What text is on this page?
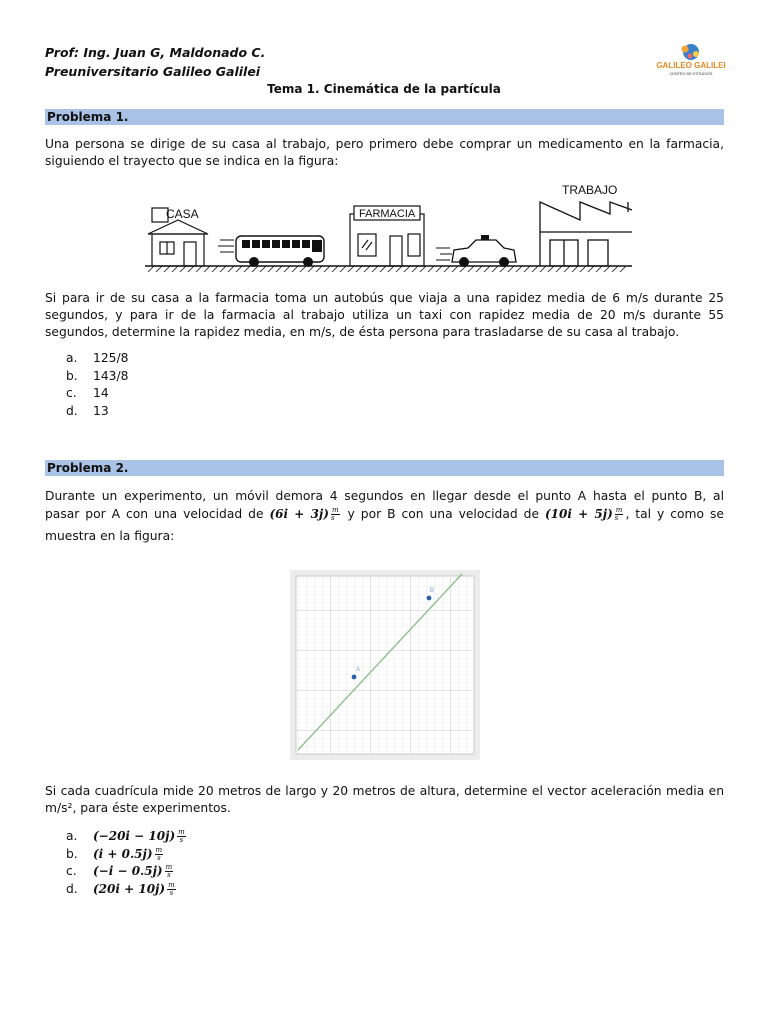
Prof: Ing. Juan G, Maldonado C.
Preuniversitario Galileo Galilei
Tema 1. Cinemática de la partícula
GALILEO GALILEI
CENTRO DE ESTUDIOS
Problema 1.
Una persona se dirige de su casa al trabajo, pero primero debe comprar un medicamento en la farmacia, siguiendo el trayecto que se indica en la figura:
CASA	FARMACIA
TRABAJO
Si para ir de su casa a la farmacia toma un autobús que viaja a una rapidez media de 6 m/s durante 25 segundos, y para ir de la farmacia al trabajo utiliza un taxi con rapidez media de 20 m/s durante 55 segundos, determine la rapidez media, en m/s, de ésta persona para trasladarse de su casa al trabajo.
a. 125/8
b. 143/8
c. 14
d. 13
Problema 2.
Durante un experimento, un móvil demora 4 segundos en llegar desde el punto A hasta el punto B, al
pasar por A con una velocidad de $(6i + 3j) \frac{m}{s}$ y por B con una velocidad de $(10i + 5j) \frac{m}{s}$ , tal y como se
muestra en la figura:
A
B
Si cada cuadrícula mide 20 metros de largo y 20 metros de altura, determine el vector aceleración media en m/s², para éste experimentos.
a. $(-20i - 10j) \frac{m}{s}$
b. $(i + 0.5j) \frac{m}{s}$
c. $(-i - 0.5j) \frac{m}{s}$
d. $(20i + 10j) \frac{m}{s}$
